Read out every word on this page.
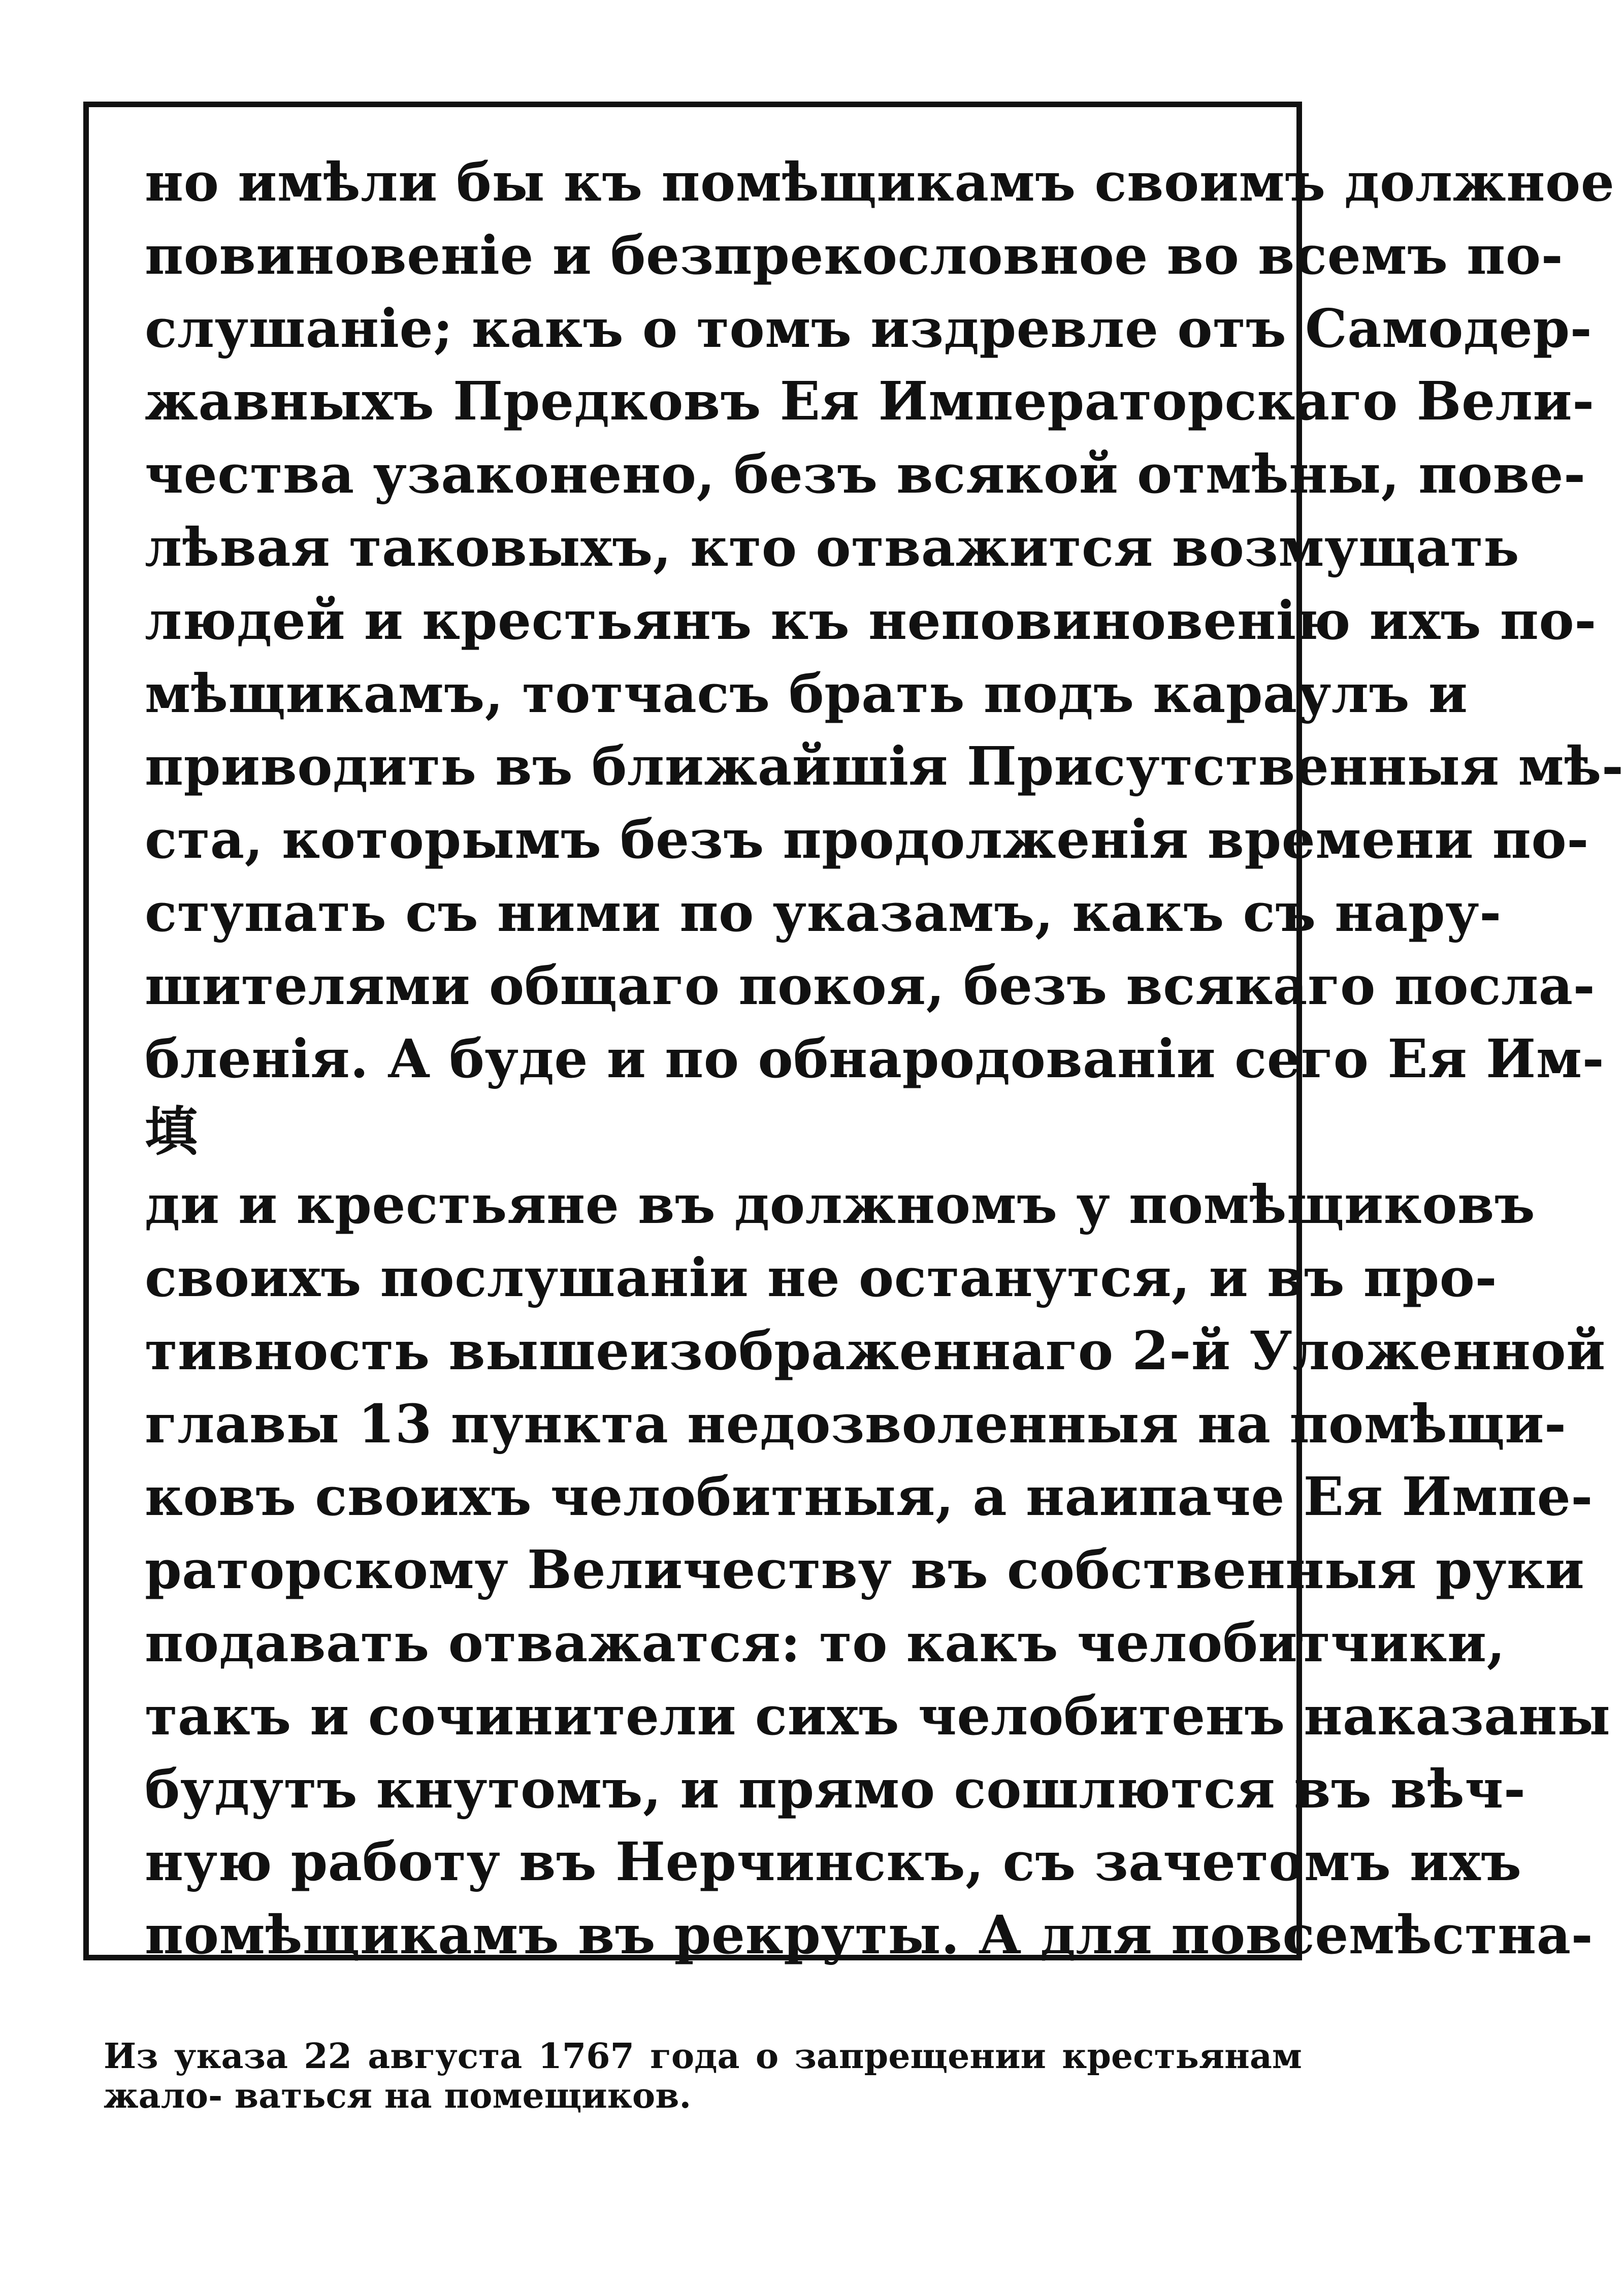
но имѣли бы къ помѣщикамъ своимъ должное
повиновеніе и безпрекословное во всемъ по-
слушаніе; какъ о томъ издревле отъ Самодер-
жавныхъ Предковъ Ея Императорскаго Вели-
чества узаконено, безъ всякой отмѣны, пове-
лѣвая таковыхъ, кто отважится возмущать
людей и крестьянъ къ неповиновенію ихъ по-
мѣщикамъ, тотчасъ брать подъ караулъ и
приводить въ ближайшія Присутственныя мѣ-
ста, которымъ безъ продолженія времени по-
ступать съ ними по указамъ, какъ съ нару-
шителями общаго покоя, безъ всякаго посла-
бленія. А буде и по обнародованіи сего Ея Им-
填
ди и крестьяне въ должномъ у помѣщиковъ
своихъ послушаніи не останутся, и въ про-
тивность вышеизображеннаго 2-й Уложенной
главы 13 пункта недозволенныя на помѣщи-
ковъ своихъ челобитныя, а наипаче Ея Импе-
раторскому Величеству въ собственныя руки
подавать отважатся: то какъ челобитчики,
такъ и сочинители сихъ челобитенъ наказаны
будутъ кнутомъ, и прямо сошлются въ вѣч-
ную работу въ Нерчинскъ, съ зачетомъ ихъ
помѣщикамъ въ рекруты. А для повсемѣстна-
Из указа 22 августа 1767 года о запрещении крестьянам жало- ваться на помещиков.
